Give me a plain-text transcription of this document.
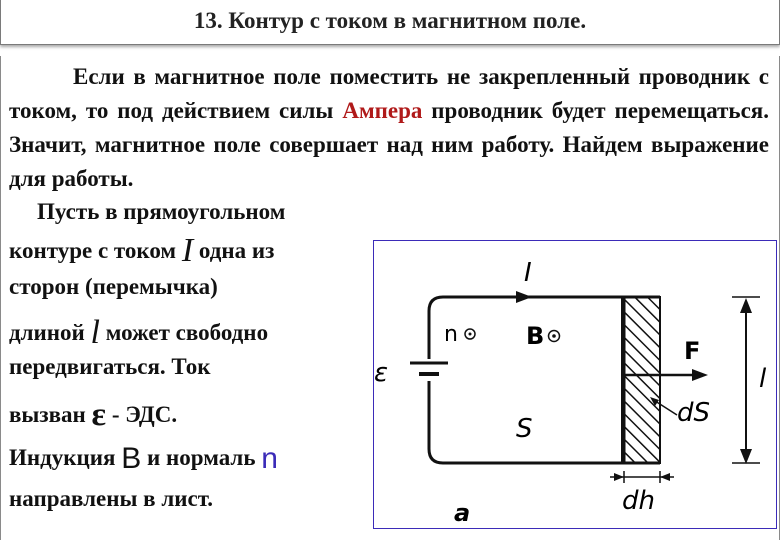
13. Контур с током в магнитном поле.
Если в магнитное поле поместить не закрепленный проводник с током, то под действием силы Ампера проводник будет перемещаться. Значит, магнитное поле совершает над ним работу. Найдем выражение для работы.
Пусть в прямоугольном
контуре с током I одна из
сторон (перемычка)
длиной l может свободно
передвигаться. Ток
вызван ε - ЭДС.
Индукция B и нормаль n
направлены в лист.
I
n	B
F
l
ε
S
dS
dh
a
